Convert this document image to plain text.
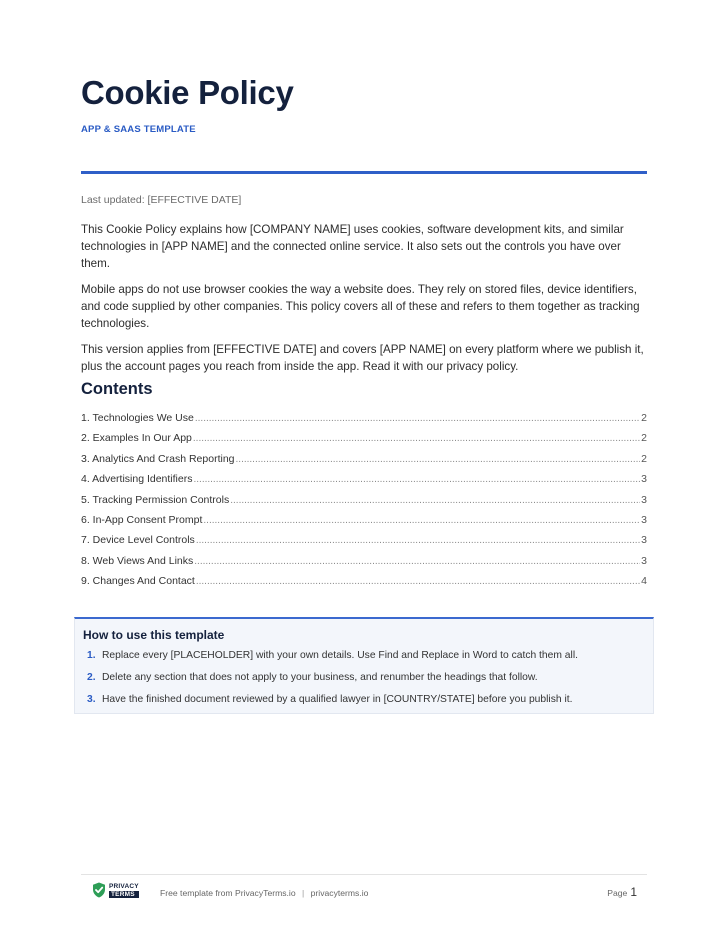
Cookie Policy
APP & SAAS TEMPLATE
Last updated: [EFFECTIVE DATE]

This Cookie Policy explains how [COMPANY NAME] uses cookies, software development kits, and similar technologies in [APP NAME] and the connected online service. It also sets out the controls you have over them.

Mobile apps do not use browser cookies the way a website does. They rely on stored files, device identifiers, and code supplied by other companies. This policy covers all of these and refers to them together as tracking technologies.

This version applies from [EFFECTIVE DATE] and covers [APP NAME] on every platform where we publish it, plus the account pages you reach from inside the app. Read it with our privacy policy.

Contents
1. Technologies We Use .....	2
2. Examples In Our App .....	2
3. Analytics And Crash Reporting .....	2
4. Advertising Identifiers .....	3
5. Tracking Permission Controls .....	3
6. In-App Consent Prompt .....	3
7. Device Level Controls .....	3
8. Web Views And Links .....	3
9. Changes And Contact .....	4
How to use this template
1. Replace every [PLACEHOLDER] with your own details. Use Find and Replace in Word to catch them all.
2. Delete any section that does not apply to your business, and renumber the headings that follow.
3. Have the finished document reviewed by a qualified lawyer in [COUNTRY/STATE] before you publish it.
PRIVACY
TERMS	Free template from PrivacyTerms.io | privacyterms.io	Page 1
